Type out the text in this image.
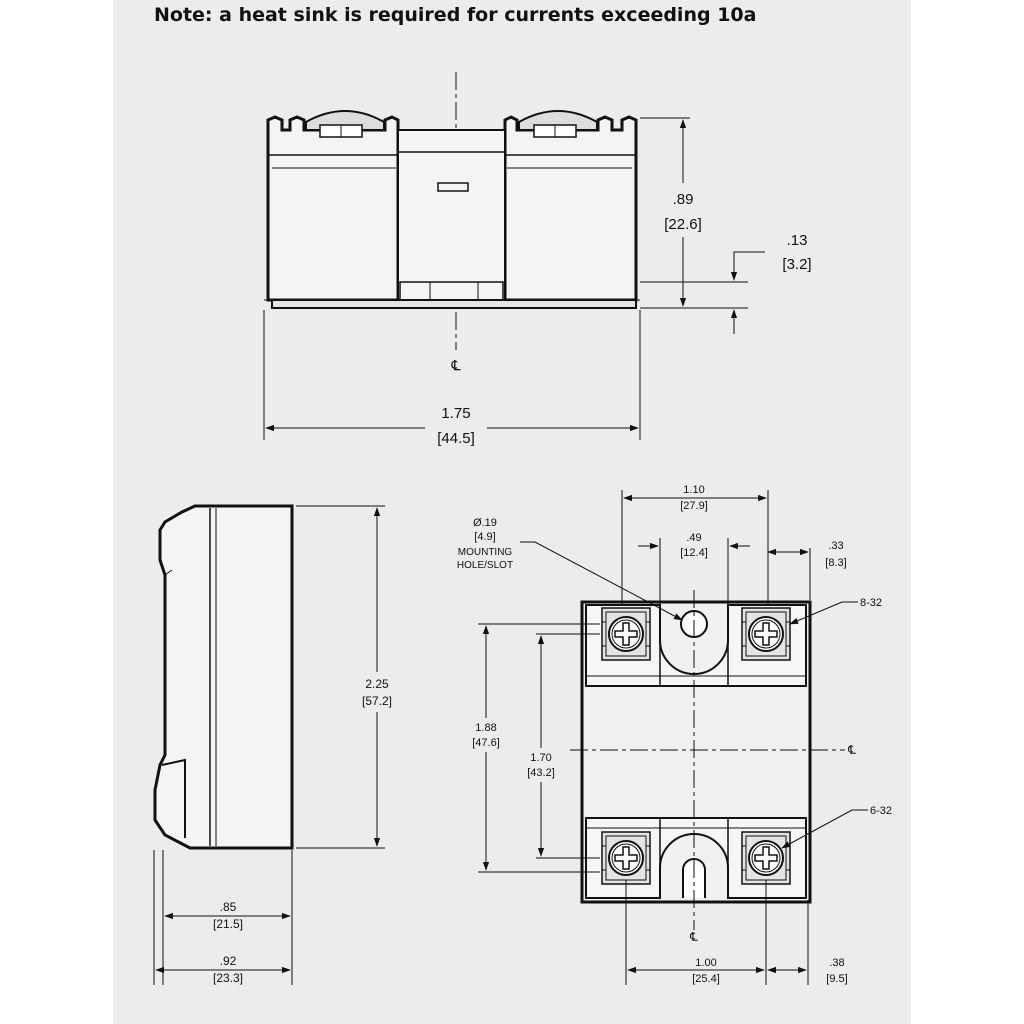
Note: a heat sink is required for currents exceeding 10a
.89
[22.6]
.13
[3.2]
1.75
[44.5]
℄
2.25
[57.2]
.85
[21.5]
.92
[23.3]
1.10
[27.9]
.49
[12.4]
.33
[8.3]
Ø.19
[4.9]
MOUNTING
HOLE/SLOT
8-32
6-32
1.88
[47.6]
1.70
[43.2]
℄
℄
1.00
[25.4]
.38
[9.5]
